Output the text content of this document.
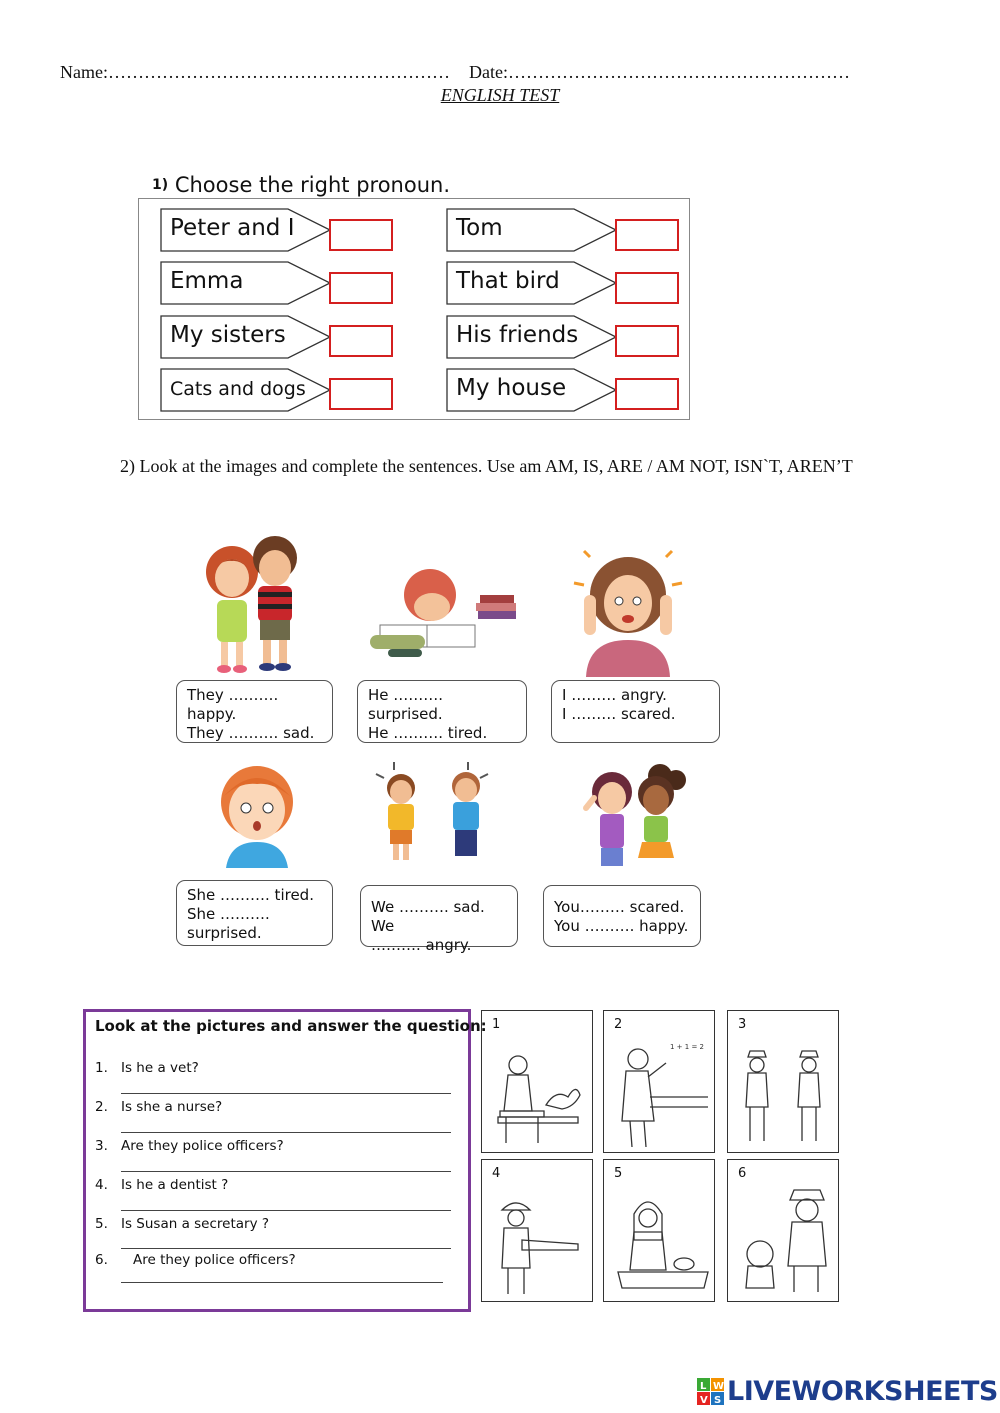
Name:………………………………………………… Date:…………………………………………………
ENGLISH TEST
1) Choose the right pronoun.
Peter and I	Tom
Emma	That bird
My sisters	His friends
Cats and dogs	My house
2) Look at the images and complete the sentences. Use am AM, IS, ARE / AM NOT, ISN`T, AREN’T
They ………. happy.
They ………. sad.
He ………. surprised.
He ………. tired.
I ……… angry.
I ……… scared.
She ………. tired.
She ……….
surprised.
We ………. sad. We
………. angry.
You……… scared.
You ………. happy.
Look at the pictures and answer the question:
1. Is he a vet?
2. Is she a nurse?
3. Are they police officers?
4. Is he a dentist ?
5. Is Susan a secretary ?
6. Are they police officers?
1	2
1 + 1 = 2
3
4	5	6
L W
V S LIVEWORKSHEETS
